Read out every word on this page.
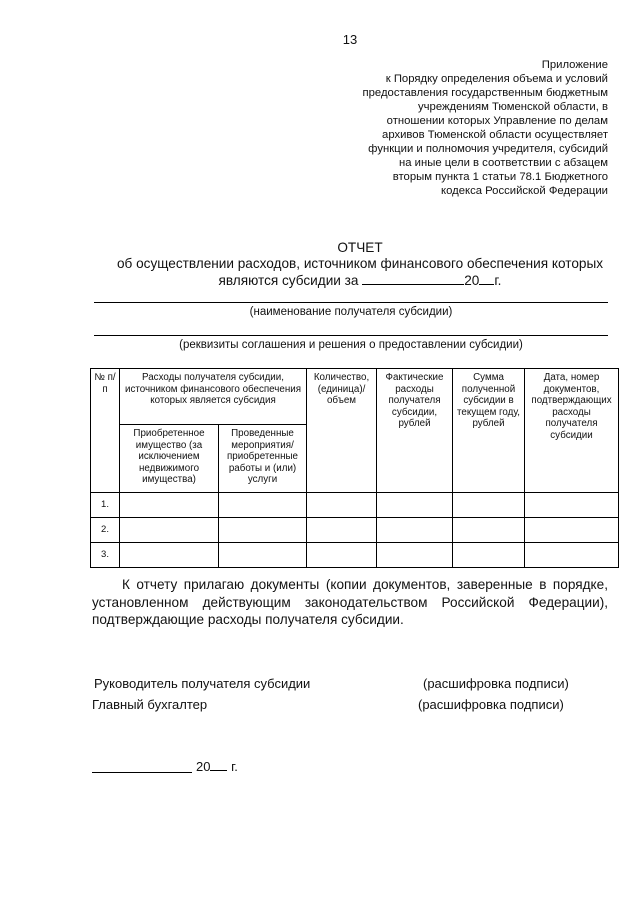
13
Приложение
к Порядку определения объема и условий
предоставления государственным бюджетным
учреждениям Тюменской области, в
отношении которых Управление по делам
архивов Тюменской области осуществляет
функции и полномочия учредителя, субсидий
на иные цели в соответствии с абзацем
вторым пункта 1 статьи 78.1 Бюджетного
кодекса Российской Федерации
ОТЧЕТ
об осуществлении расходов, источником финансового обеспечения которых
являются субсидии за	20 г.
(наименование получателя субсидии)
(реквизиты соглашения и решения о предоставлении субсидии)
№ п/п	Расходы получателя субсидии, источником финансового обеспечения которых является субсидия		Количество, (единица)/ объем	Фактические расходы получателя субсидии, рублей	Сумма полученной субсидии в текущем году, рублей	Дата, номер документов, подтверждающих расходы получателя субсидии
	Приобретенное имущество (за исключением недвижимого имущества)	Проведенные мероприятия/ приобретенные работы и (или) услуги				
1.						
2.						
3.						

К отчету прилагаю документы (копии документов, заверенные в порядке, установленном действующим законодательством Российской Федерации), подтверждающие расходы получателя субсидии.

Руководитель получателя субсидии	(расшифровка подписи)
Главный бухгалтер	(расшифровка подписи)
20 г.
